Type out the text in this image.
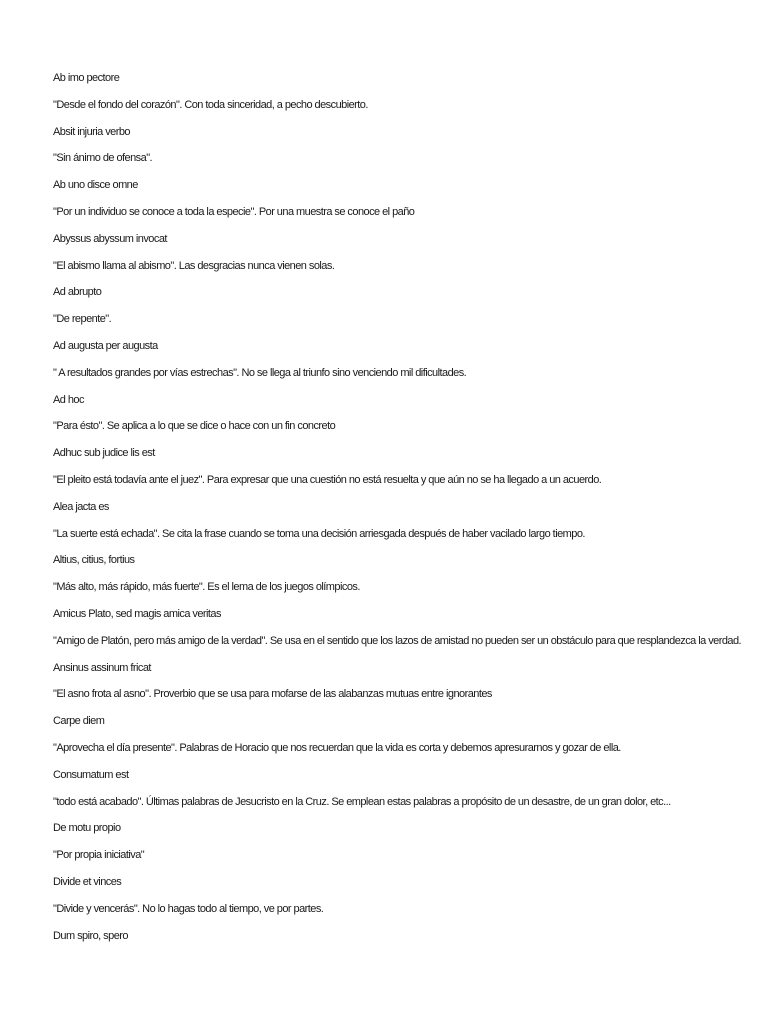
Ab imo pectore
"Desde el fondo del corazón". Con toda sinceridad, a pecho descubierto.
Absit injuria verbo
"Sin ánimo de ofensa".
Ab uno disce omne
"Por un individuo se conoce a toda la especie". Por una muestra se conoce el paño
Abyssus abyssum invocat
"El abismo llama al abismo". Las desgracias nunca vienen solas.
Ad abrupto
"De repente".
Ad augusta per augusta
" A resultados grandes por vías estrechas". No se llega al triunfo sino venciendo mil dificultades.
Ad hoc
"Para ésto". Se aplica a lo que se dice o hace con un fin concreto
Adhuc sub judice lis est
"El pleito está todavía ante el juez". Para expresar que una cuestión no está resuelta y que aún no se ha llegado a un acuerdo.
Alea jacta es
"La suerte está echada". Se cita la frase cuando se toma una decisión arriesgada después de haber vacilado largo tiempo.
Altius, citius, fortius
"Más alto, más rápido, más fuerte". Es el lema de los juegos olímpicos.
Amicus Plato, sed magis amica veritas
"Amigo de Platón, pero más amigo de la verdad". Se usa en el sentido que los lazos de amistad no pueden ser un obstáculo para que resplandezca la verdad.
Ansinus assinum fricat
"El asno frota al asno". Proverbio que se usa para mofarse de las alabanzas mutuas entre ignorantes
Carpe diem
"Aprovecha el día presente". Palabras de Horacio que nos recuerdan que la vida es corta y debemos apresurarnos y gozar de ella.
Consumatum est
"todo está acabado". Últimas palabras de Jesucristo en la Cruz. Se emplean estas palabras a propósito de un desastre, de un gran dolor, etc...
De motu propio
"Por propia iniciativa"
Divide et vinces
"Divide y vencerás". No lo hagas todo al tiempo, ve por partes.
Dum spiro, spero
